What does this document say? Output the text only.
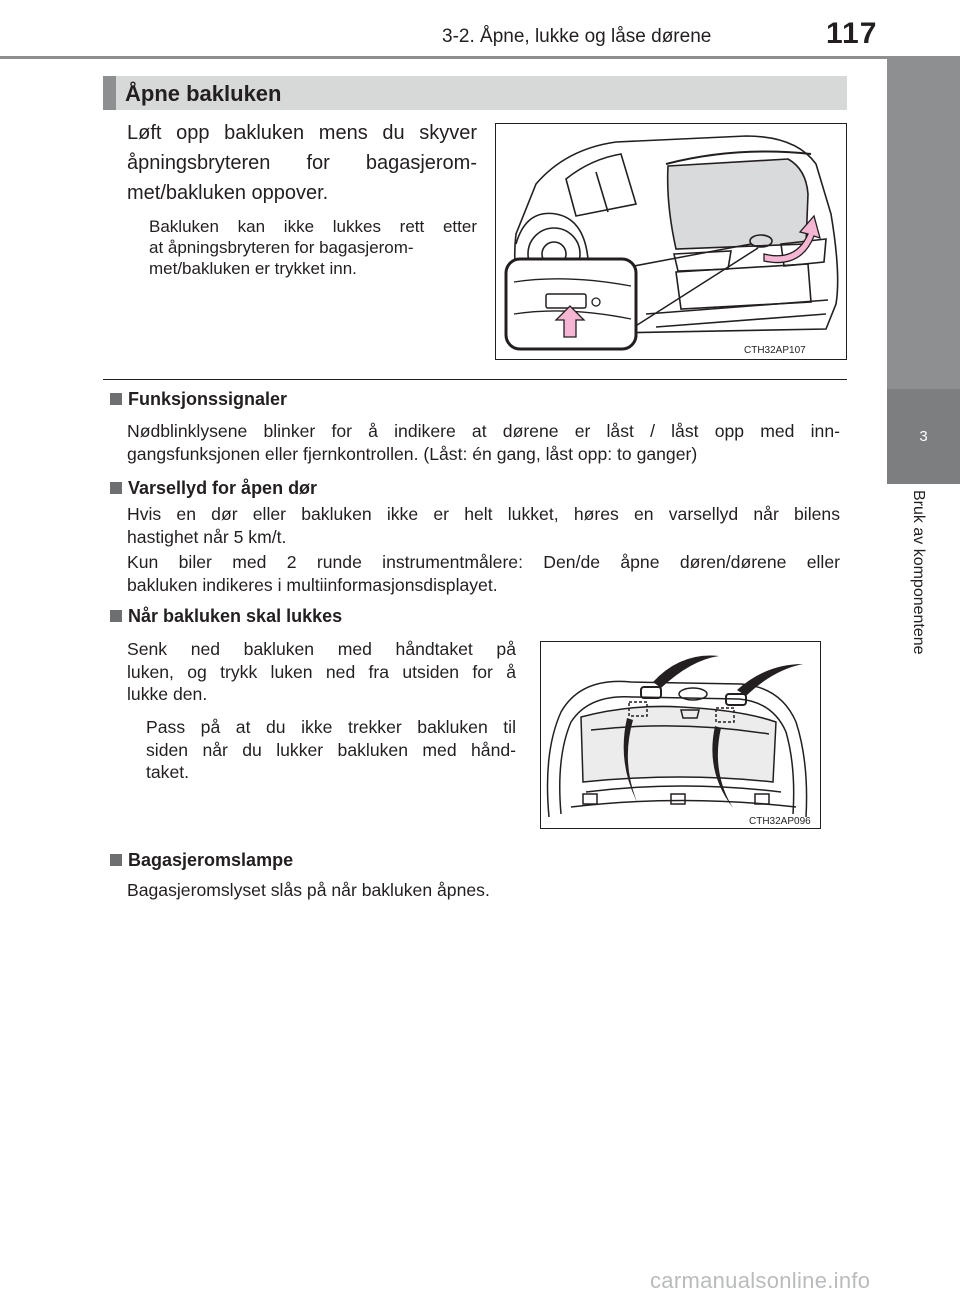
3-2. Åpne, lukke og låse dørene	117
3
Bruk av komponentene
Åpne bakluken
Løft opp bakluken mens du skyver
åpningsbryteren for bagasjerom-
met/bakluken oppover.
Bakluken kan ikke lukkes rett etter
at åpningsbryteren for bagasjerom-
met/bakluken er trykket inn.
CTH32AP107
Funksjonssignaler
Nødblinklysene blinker for å indikere at dørene er låst / låst opp med inn-
gangsfunksjonen eller fjernkontrollen. (Låst: én gang, låst opp: to ganger)
Varsellyd for åpen dør
Hvis en dør eller bakluken ikke er helt lukket, høres en varsellyd når bilens
hastighet når 5 km/t.
Kun biler med 2 runde instrumentmålere: Den/de åpne døren/dørene eller
bakluken indikeres i multiinformasjonsdisplayet.
Når bakluken skal lukkes
Senk ned bakluken med håndtaket på
luken, og trykk luken ned fra utsiden for å
lukke den.
Pass på at du ikke trekker bakluken til
siden når du lukker bakluken med hånd-
taket.
CTH32AP096
Bagasjeromslampe
Bagasjeromslyset slås på når bakluken åpnes.
carmanualsonline.info
